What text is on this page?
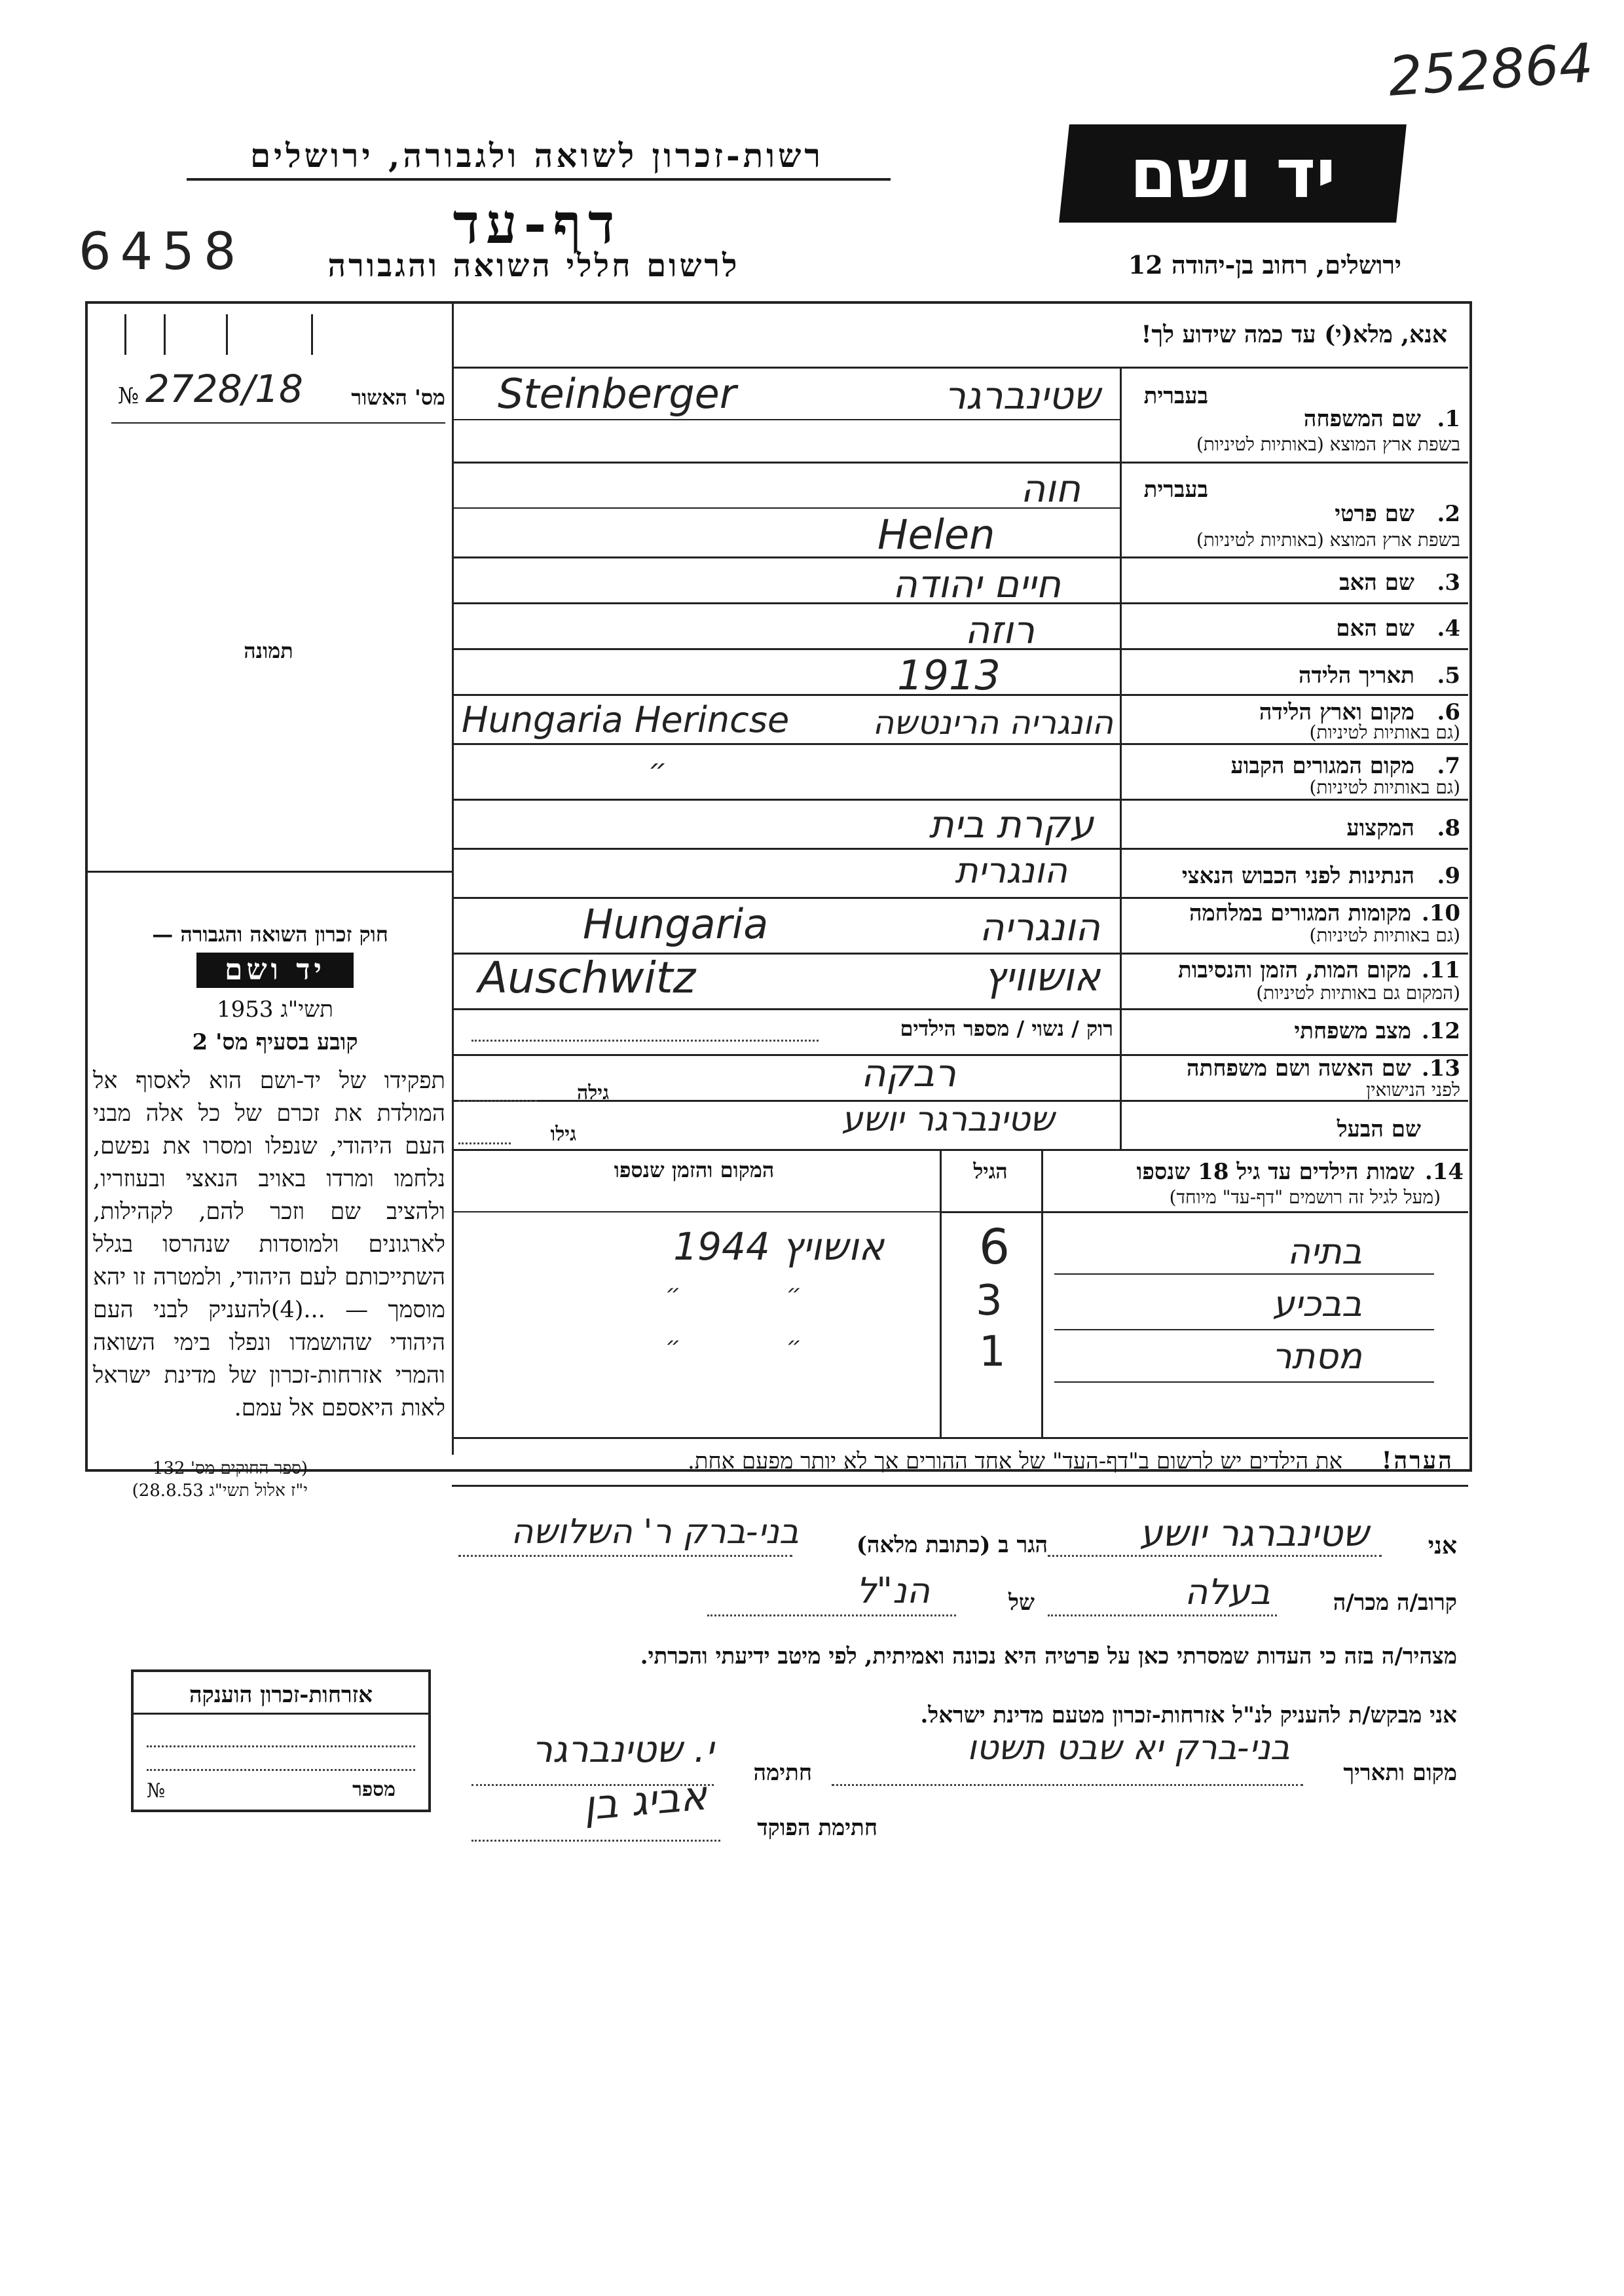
252864
רשות-זכרון לשואה ולגבורה, ירושלים
דף-עד
6458	לרשום חללי השואה והגבורה
יד ושם
ירושלים, רחוב בן-יהודה 12
№ 2728/18	מס' האשור
תמונה
אנא, מלא(י) עד כמה שידוע לך!
בעברית
1.
שם המשפחה
בשפת ארץ המוצא (באותיות לטיניות)
Steinberger	שטינברגר
בעברית
2.
שם פרטי
בשפת ארץ המוצא (באותיות לטיניות)
חוה
Helen
3.
שם האב
חיים יהודה
4.
שם האם
רוזה
5.
תאריך הלידה
1913
6.
מקום וארץ הלידה
(גם באותיות לטיניות)
Hungaria Herincse	הונגריה הרינטשה
7.
מקום המגורים הקבוע
(גם באותיות לטיניות)
״
8.
המקצוע
עקרת בית
9.
הנתינות לפני הכבוש הנאצי
הונגרית
10.
מקומות המגורים במלחמה
(גם באותיות לטיניות)
Hungaria	הונגריה
11.
מקום המות, הזמן והנסיבות
(המקום גם באותיות לטיניות)
Auschwitz	אושוויץ
12.
מצב משפחתי
רוק / נשוי / מספר הילדים
13.
שם האשה ושם משפחתה
לפני הנישואין
גילה	רבקה
שם הבעל
גילו	שטינברגר יושע
14.
שמות הילדים עד גיל 18 שנספו
(מעל לגיל זה רושמים "דף-עד" מיוחד)
הגיל
המקום והזמן שנספו
בתיה
6
אושויץ 1944
בבכיע
3
״ ״
מסתר
1
״ ״
חוק זכרון השואה והגבורה —
יד ושם
תשי"ג 1953
קובע בסעיף מס' 2
תפקידו של יד-ושם הוא לאסוף אל המולדת את זכרם של כל אלה מבני העם היהודי, שנפלו ומסרו את נפשם, נלחמו ומרדו באויב הנאצי ובעוזריו, ולהציב שם וזכר להם, לקהילות, לארגונים ולמוסדות שנהרסו בגלל השתייכותם לעם היהודי, ולמטרה זו יהא מוסמך — ...(4)להעניק לבני העם היהודי שהושמדו ונפלו בימי השואה והמרי אזרחות-זכרון של מדינת ישראל לאות היאספם אל עמם.
(ספר החוקים מס' 132
י"ז אלול תשי"ג 28.8.53)
הערה!
את הילדים יש לרשום ב"דף-העד" של אחד ההורים אך לא יותר מפעם אחת.
אני
שטינברגר יושע
הגר ב (כתובת מלאה)
בני-ברק ר' השלושה
קרוב/ה מכר/ה
בעלה
של
הנ"ל
מצהיר/ה בזה כי העדות שמסרתי כאן על פרטיה היא נכונה ואמיתית, לפי מיטב ידיעתי והכרתי.
אני מבקש/ת להעניק לנ"ל אזרחות-זכרון מטעם מדינת ישראל.
מקום ותאריך
בני-ברק יא שבט תשטו
חתימה
י. שטינברגר
חתימת הפוקד
אביג בן
אזרחות-זכרון הוענקה
מספר
№
